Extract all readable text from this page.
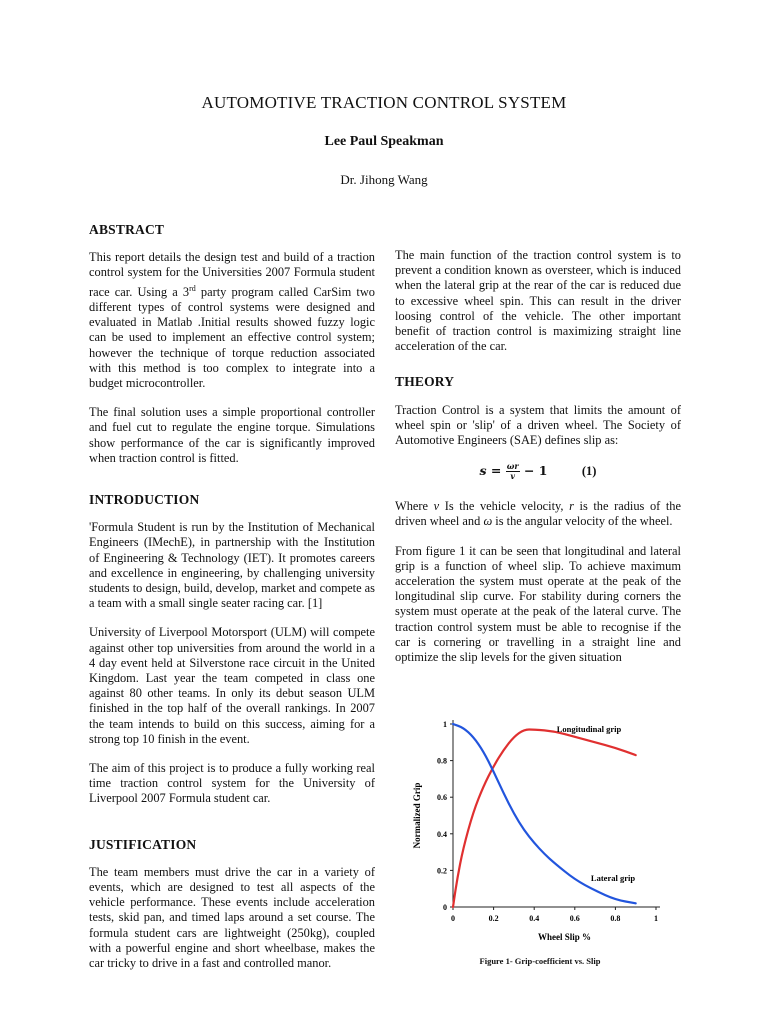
AUTOMOTIVE TRACTION CONTROL SYSTEM

Lee Paul Speakman

Dr. Jihong Wang

ABSTRACT

This report details the design test and build of a traction control system for the Universities 2007 Formula student race car. Using a 3rd party program called CarSim two different types of control systems were designed and evaluated in Matlab .Initial results showed fuzzy logic can be used to implement an effective control system; however the technique of torque reduction associated with this method is too complex to integrate into a budget microcontroller.

The final solution uses a simple proportional controller and fuel cut to regulate the engine torque. Simulations show performance of the car is significantly improved when traction control is fitted.

INTRODUCTION

'Formula Student is run by the Institution of Mechanical Engineers (IMechE), in partnership with the Institution of Engineering & Technology (IET). It promotes careers and excellence in engineering, by challenging university students to design, build, develop, market and compete as a team with a small single seater racing car. [1]

University of Liverpool Motorsport (ULM) will compete against other top universities from around the world in a 4 day event held at Silverstone race circuit in the United Kingdom. Last year the team competed in class one against 80 other teams. In only its debut season ULM finished in the top half of the overall rankings. In 2007 the team intends to build on this success, aiming for a strong top 10 finish in the event.

The aim of this project is to produce a fully working real time traction control system for the University of Liverpool 2007 Formula student car.

JUSTIFICATION

The team members must drive the car in a variety of events, which are designed to test all aspects of the vehicle performance. These events include acceleration tests, skid pan, and timed laps around a set course. The formula student cars are lightweight (250kg), coupled with a powerful engine and short wheelbase, makes the car tricky to drive in a fast and controlled manor.

The main function of the traction control system is to prevent a condition known as oversteer, which is induced when the lateral grip at the rear of the car is reduced due to excessive wheel spin. This can result in the driver loosing control of the vehicle. The other important benefit of traction control is maximizing straight line acceleration of the car.

THEORY

Traction Control is a system that limits the amount of wheel spin or 'slip' of a driven wheel. The Society of Automotive Engineers (SAE) defines slip as:

$s = \frac{\omega r}{v} - 1$	(1)

Where v Is the vehicle velocity, r is the radius of the driven wheel and ω is the angular velocity of the wheel.

From figure 1 it can be seen that longitudinal and lateral grip is a function of wheel slip. To achieve maximum acceleration the system must operate at the peak of the longitudinal slip curve. For stability during corners the system must operate at the peak of the lateral curve. The traction control system must be able to recognise if the car is cornering or travelling in a straight line and optimize the slip levels for the given situation

0
0.2
0.4
0.6
0.8
1
0	0.2	0.4	0.6	0.8	1
Wheel Slip %
Normalized Grip
Longitudinal grip
Lateral grip

Figure 1- Grip-coefficient vs. Slip
